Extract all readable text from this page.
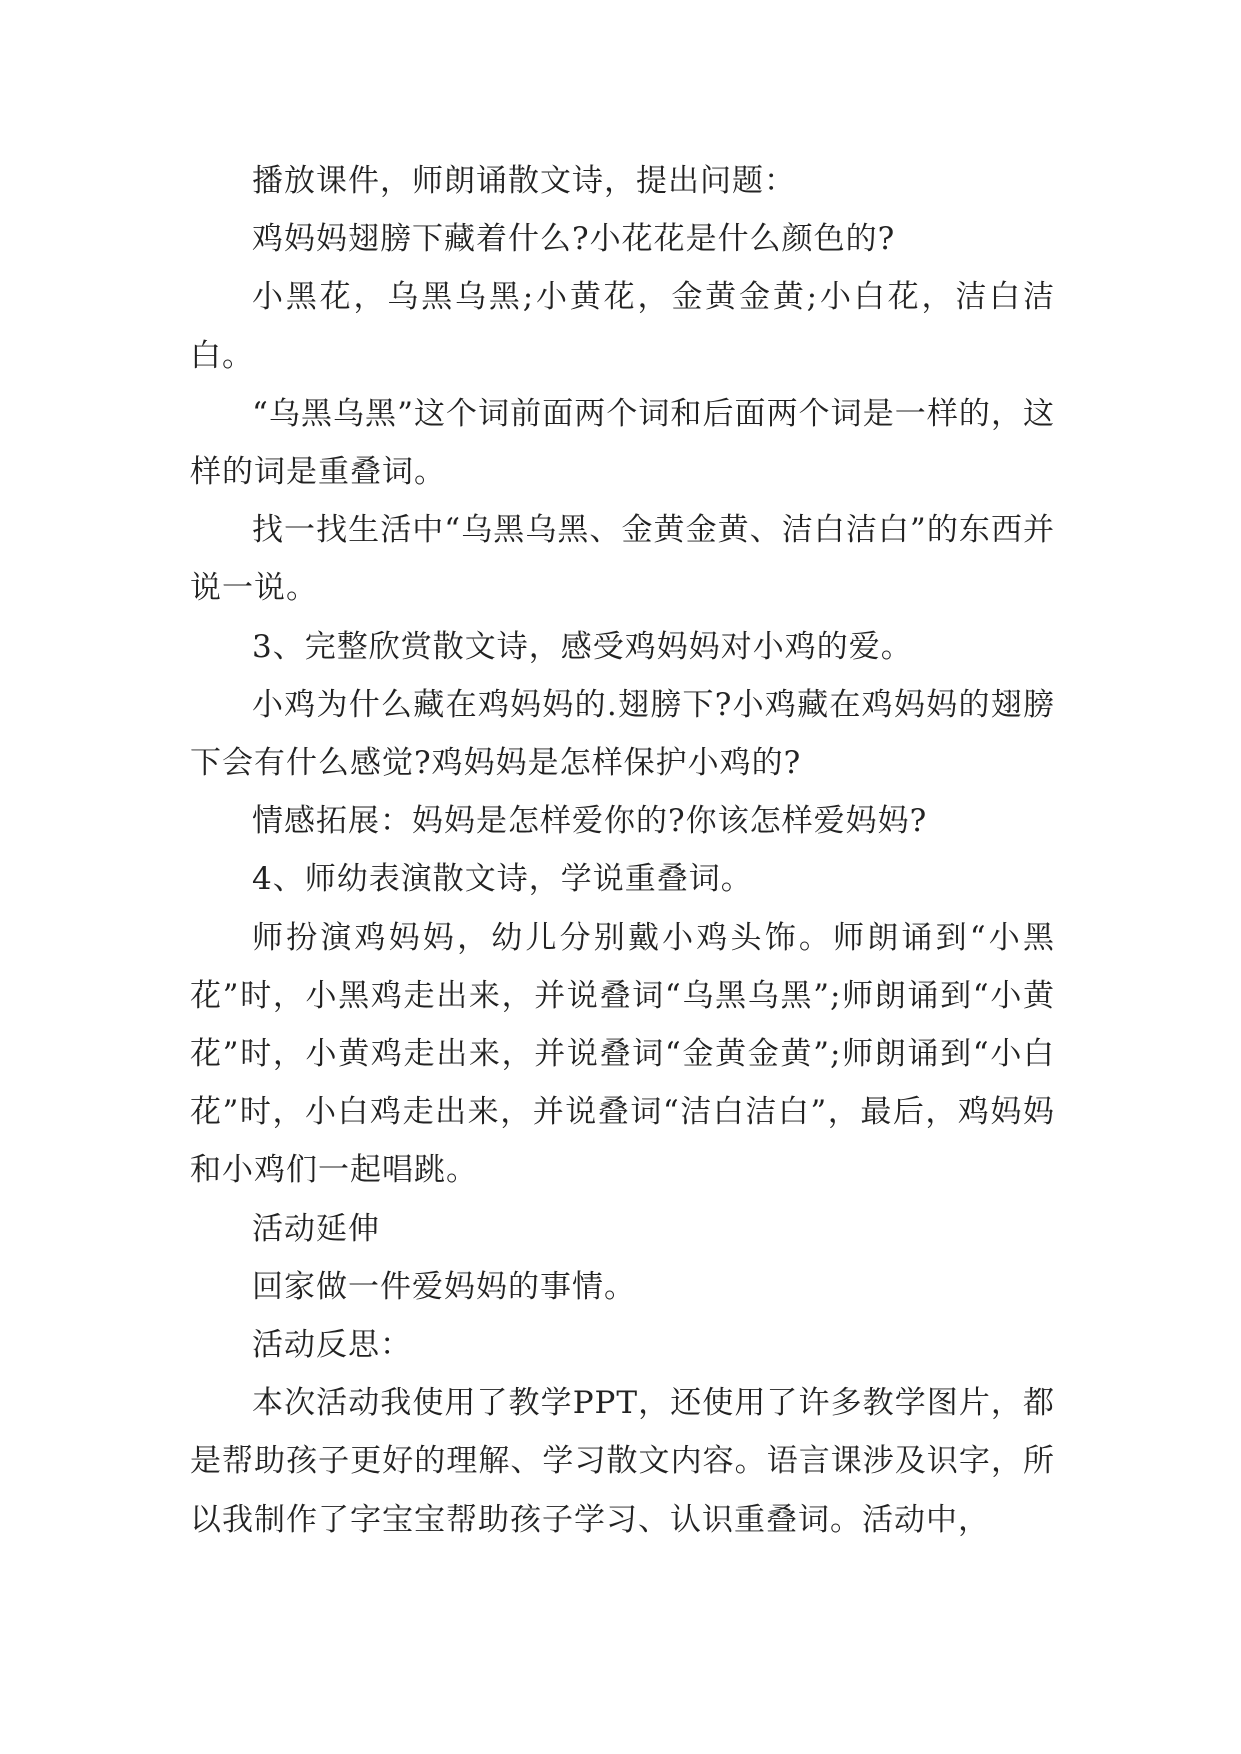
播放课件，师朗诵散文诗，提出问题：

鸡妈妈翅膀下藏着什么?小花花是什么颜色的?

小黑花，乌黑乌黑;小黄花，金黄金黄;小白花，洁白洁白。

“乌黑乌黑”这个词前面两个词和后面两个词是一样的，这样的词是重叠词。

找一找生活中“乌黑乌黑、金黄金黄、洁白洁白”的东西并说一说。

3、完整欣赏散文诗，感受鸡妈妈对小鸡的爱。

小鸡为什么藏在鸡妈妈的.翅膀下?小鸡藏在鸡妈妈的翅膀下会有什么感觉?鸡妈妈是怎样保护小鸡的?

情感拓展：妈妈是怎样爱你的?你该怎样爱妈妈?

4、师幼表演散文诗，学说重叠词。

师扮演鸡妈妈，幼儿分别戴小鸡头饰。师朗诵到“小黑花”时，小黑鸡走出来，并说叠词“乌黑乌黑”;师朗诵到“小黄花”时，小黄鸡走出来，并说叠词“金黄金黄”;师朗诵到“小白花”时，小白鸡走出来，并说叠词“洁白洁白”，最后，鸡妈妈和小鸡们一起唱跳。

活动延伸

回家做一件爱妈妈的事情。

活动反思：

本次活动我使用了教学PPT，还使用了许多教学图片，都是帮助孩子更好的理解、学习散文内容。语言课涉及识字，所以我制作了字宝宝帮助孩子学习、认识重叠词。活动中，
